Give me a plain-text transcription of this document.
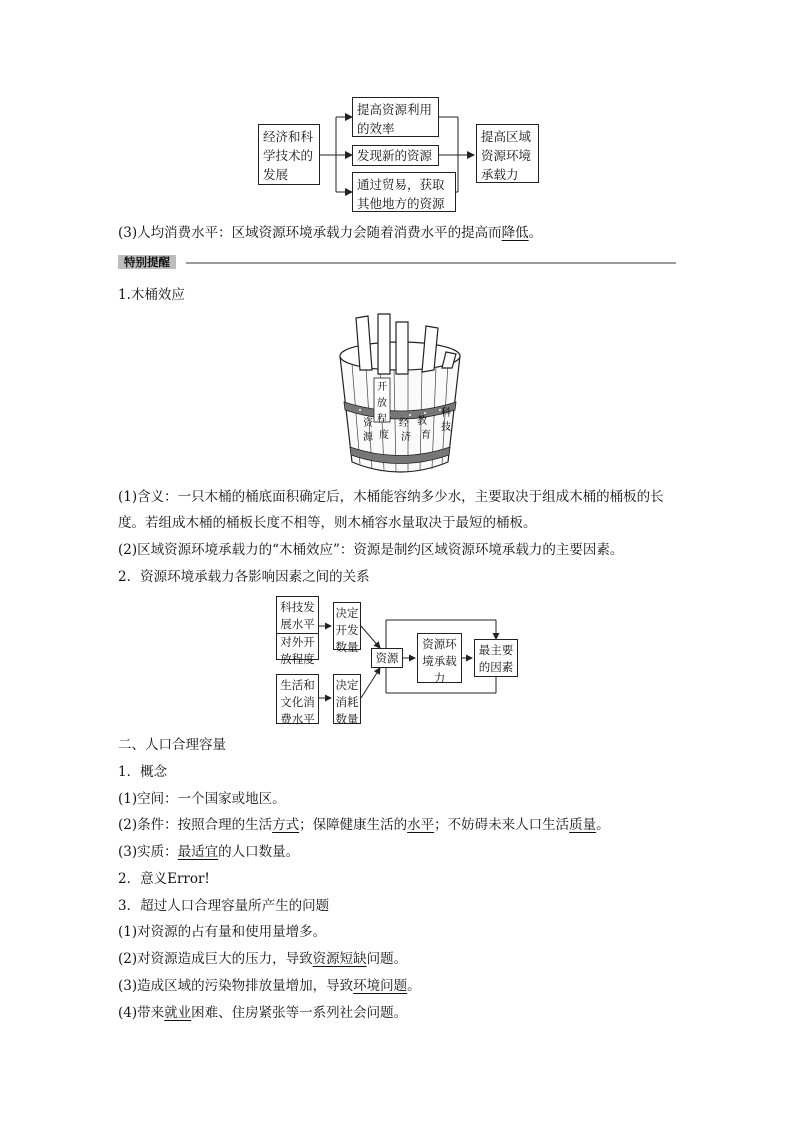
经济和科
学技术的
发展
提高资源利用
的效率
发现新的资源
通过贸易，获取
其他地方的资源
提高区域
资源环境
承载力
(3)人均消费水平：区域资源环境承载力会随着消费水平的提高而降低。
特别提醒
1.木桶效应
开
放
程
度
资
源
经
济
教
育
科
技
(1)含义：一只木桶的桶底面积确定后，木桶能容纳多少水，主要取决于组成木桶的桶板的长
度。若组成木桶的桶板长度不相等，则木桶容水量取决于最短的桶板。
(2)区域资源环境承载力的“木桶效应”：资源是制约区域资源环境承载力的主要因素。
2．资源环境承载力各影响因素之间的关系
科技发
展水平
对外开
放程度
决定
开发
数量
生活和
文化消
费水平
决定
消耗
数量
资源
资源环
境承载
力
最主要
的因素
二、人口合理容量
1．概念
(1)空间：一个国家或地区。
(2)条件：按照合理的生活方式；保障健康生活的水平；不妨碍未来人口生活质量。
(3)实质：最适宜的人口数量。
2．意义Error!
3．超过人口合理容量所产生的问题
(1)对资源的占有量和使用量增多。
(2)对资源造成巨大的压力，导致资源短缺问题。
(3)造成区域的污染物排放量增加，导致环境问题。
(4)带来就业困难、住房紧张等一系列社会问题。
